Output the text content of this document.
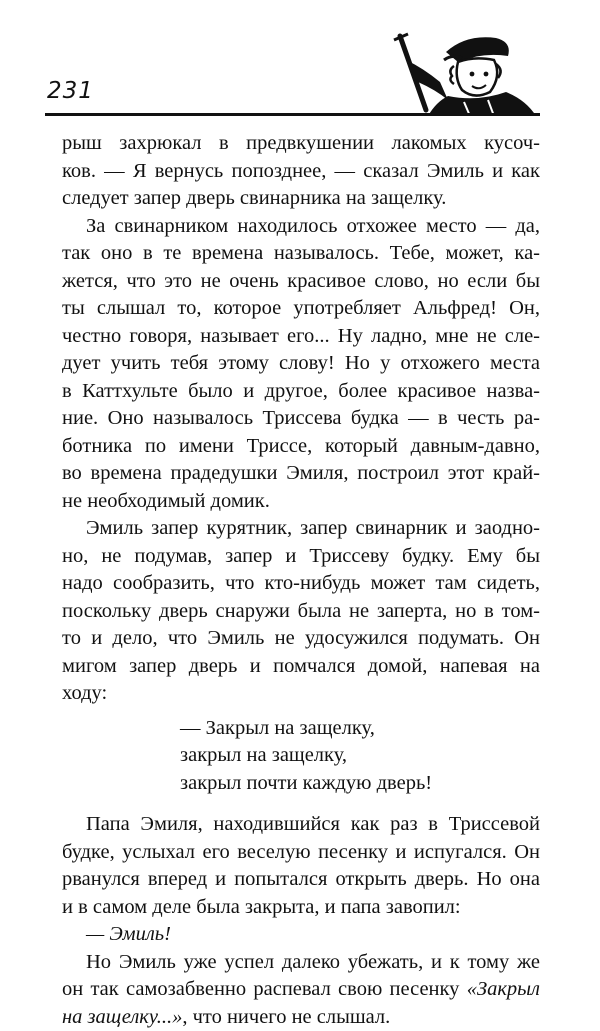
231

рыш захрюкал в предвкушении лакомых кусоч-
ков. — Я вернусь попозднее, — сказал Эмиль и как
следует запер дверь свинарника на защелку.

За свинарником находилось отхожее место — да,
так оно в те времена называлось. Тебе, может, ка-
жется, что это не очень красивое слово, но если бы
ты слышал то, которое употребляет Альфред! Он,
честно говоря, называет его... Ну ладно, мне не сле-
дует учить тебя этому слову! Но у отхожего места
в Каттхульте было и другое, более красивое назва-
ние. Оно называлось Триссева будка — в честь ра-
ботника по имени Триссе, который давным-давно,
во времена прадедушки Эмиля, построил этот край-
не необходимый домик.

Эмиль запер курятник, запер свинарник и заодно-
но, не подумав, запер и Триссеву будку. Ему бы
надо сообразить, что кто-нибудь может там сидеть,
поскольку дверь снаружи была не заперта, но в том-
то и дело, что Эмиль не удосужился подумать. Он
мигом запер дверь и помчался домой, напевая на
ходу:

— Закрыл на защелку,
закрыл на защелку,
закрыл почти каждую дверь!

Папа Эмиля, находившийся как раз в Триссевой
будке, услыхал его веселую песенку и испугался. Он
рванулся вперед и попытался открыть дверь. Но она
и в самом деле была закрыта, и папа завопил:

— Эмиль!

Но Эмиль уже успел далеко убежать, и к тому же
он так самозабвенно распевал свою песенку «Закрыл
на защелку...», что ничего не слышал.
